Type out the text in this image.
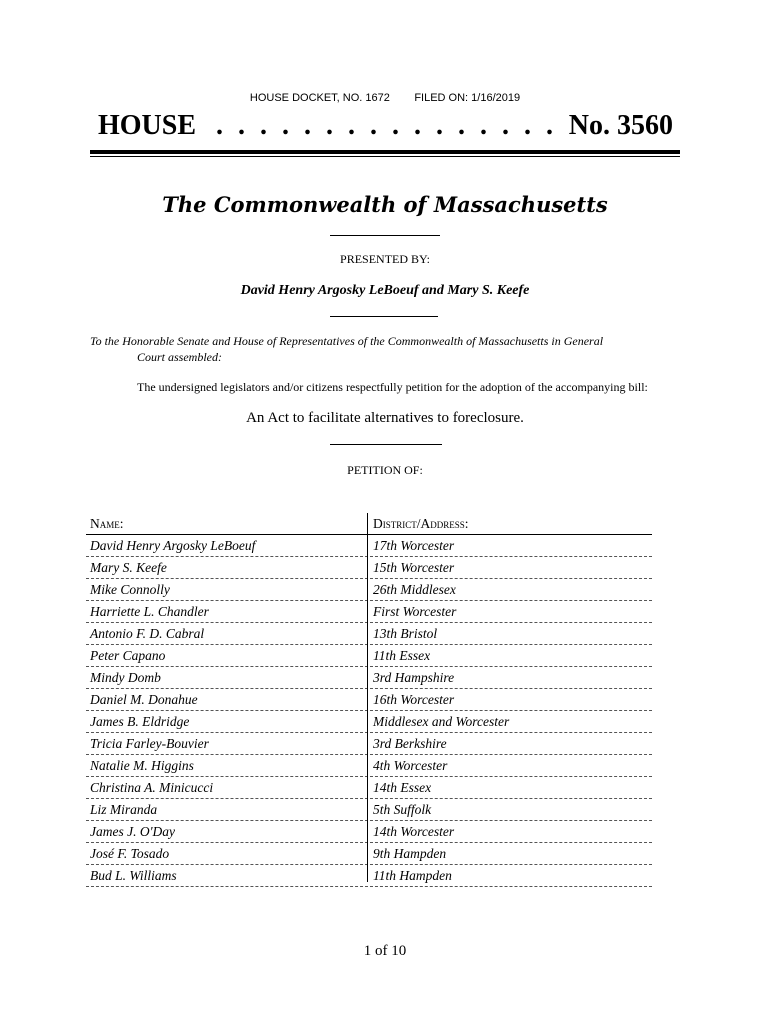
HOUSE DOCKET, NO. 1672        FILED ON: 1/16/2019
HOUSE . . . . . . . . . . . . . . . . No. 3560
The Commonwealth of Massachusetts
PRESENTED BY:
David Henry Argosky LeBoeuf and Mary S. Keefe
To the Honorable Senate and House of Representatives of the Commonwealth of Massachusetts in General
Court assembled:
The undersigned legislators and/or citizens respectfully petition for the adoption of the accompanying bill:
An Act to facilitate alternatives to foreclosure.
PETITION OF:
Name:	District/Address:
David Henry Argosky LeBoeuf	17th Worcester
Mary S. Keefe	15th Worcester
Mike Connolly	26th Middlesex
Harriette L. Chandler	First Worcester
Antonio F. D. Cabral	13th Bristol
Peter Capano	11th Essex
Mindy Domb	3rd Hampshire
Daniel M. Donahue	16th Worcester
James B. Eldridge	Middlesex and Worcester
Tricia Farley-Bouvier	3rd Berkshire
Natalie M. Higgins	4th Worcester
Christina A. Minicucci	14th Essex
Liz Miranda	5th Suffolk
James J. O'Day	14th Worcester
José F. Tosado	9th Hampden
Bud L. Williams	11th Hampden
1 of 10
